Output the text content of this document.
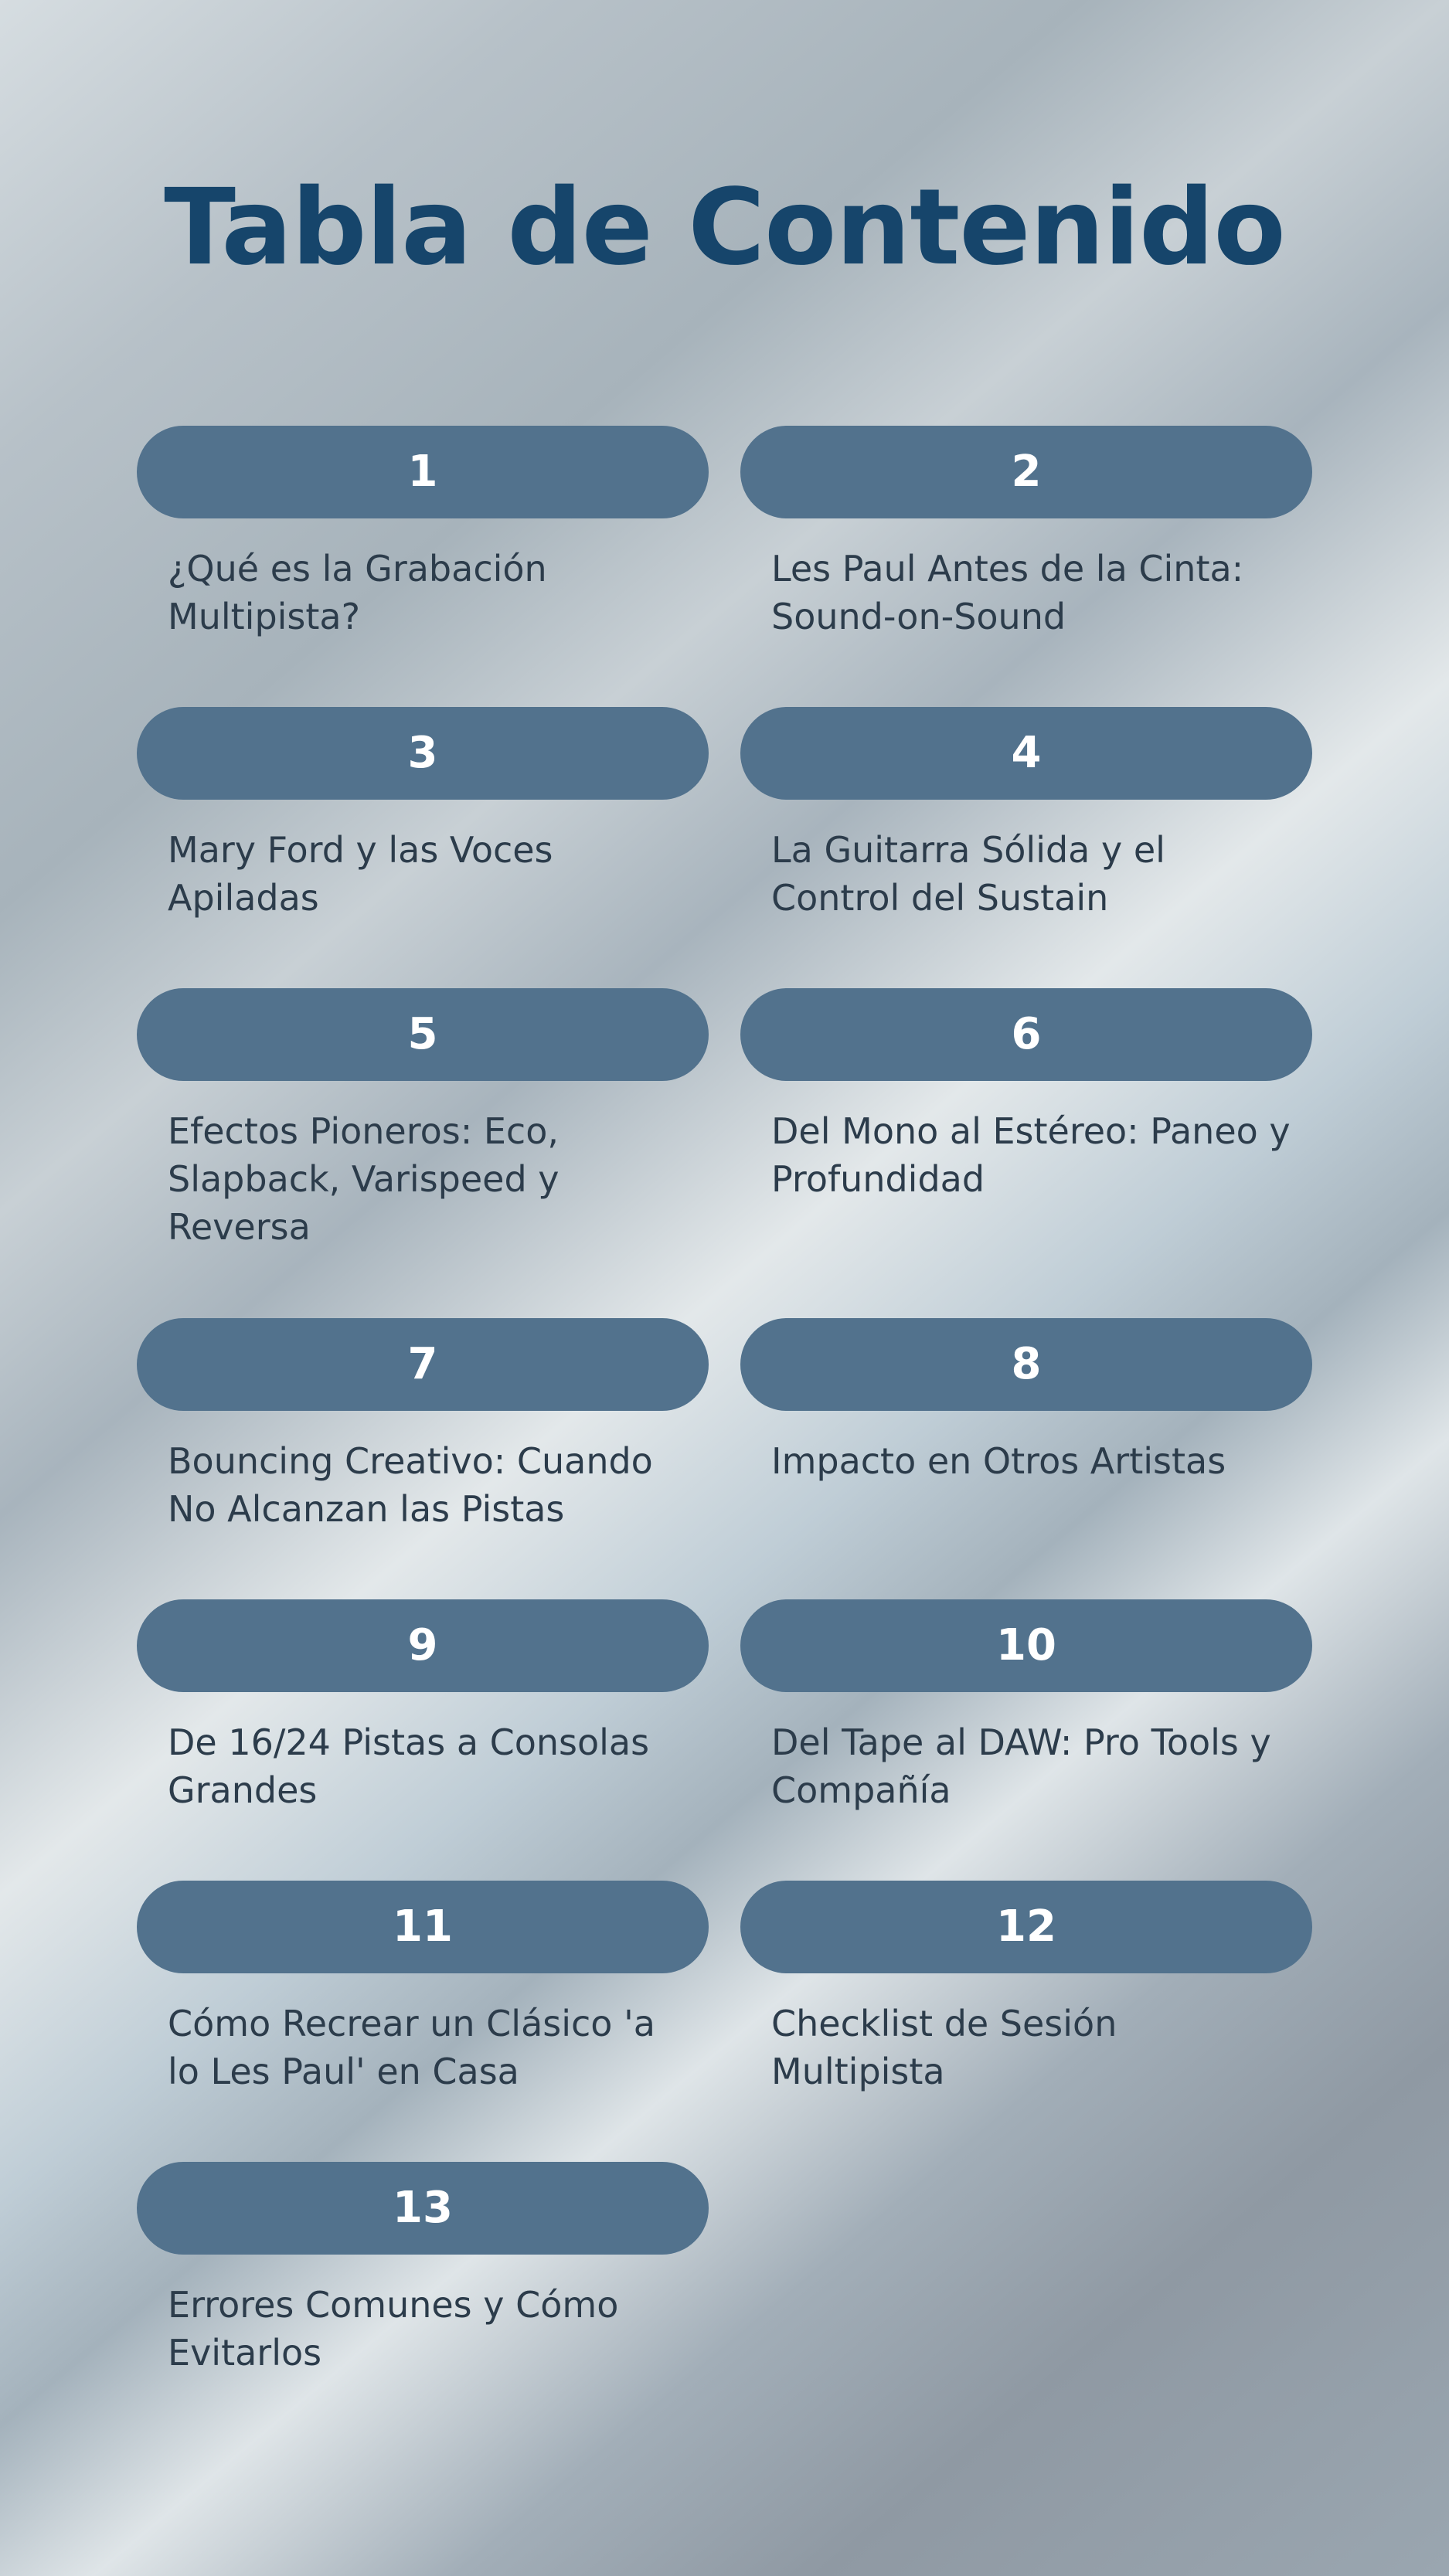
Tabla de Contenido
1
¿Qué es la Grabación Multipista?
2
Les Paul Antes de la Cinta: Sound-on-Sound
3
Mary Ford y las Voces Apiladas
4
La Guitarra Sólida y el Control del Sustain
5
Efectos Pioneros: Eco, Slapback, Varispeed y Reversa
6
Del Mono al Estéreo: Paneo y Profundidad
7
Bouncing Creativo: Cuando No Alcanzan las Pistas
8
Impacto en Otros Artistas
9
De 16/24 Pistas a Consolas Grandes
10
Del Tape al DAW: Pro Tools y Compañía
11
Cómo Recrear un Clásico 'a lo Les Paul' en Casa
12
Checklist de Sesión Multipista
13
Errores Comunes y Cómo Evitarlos
